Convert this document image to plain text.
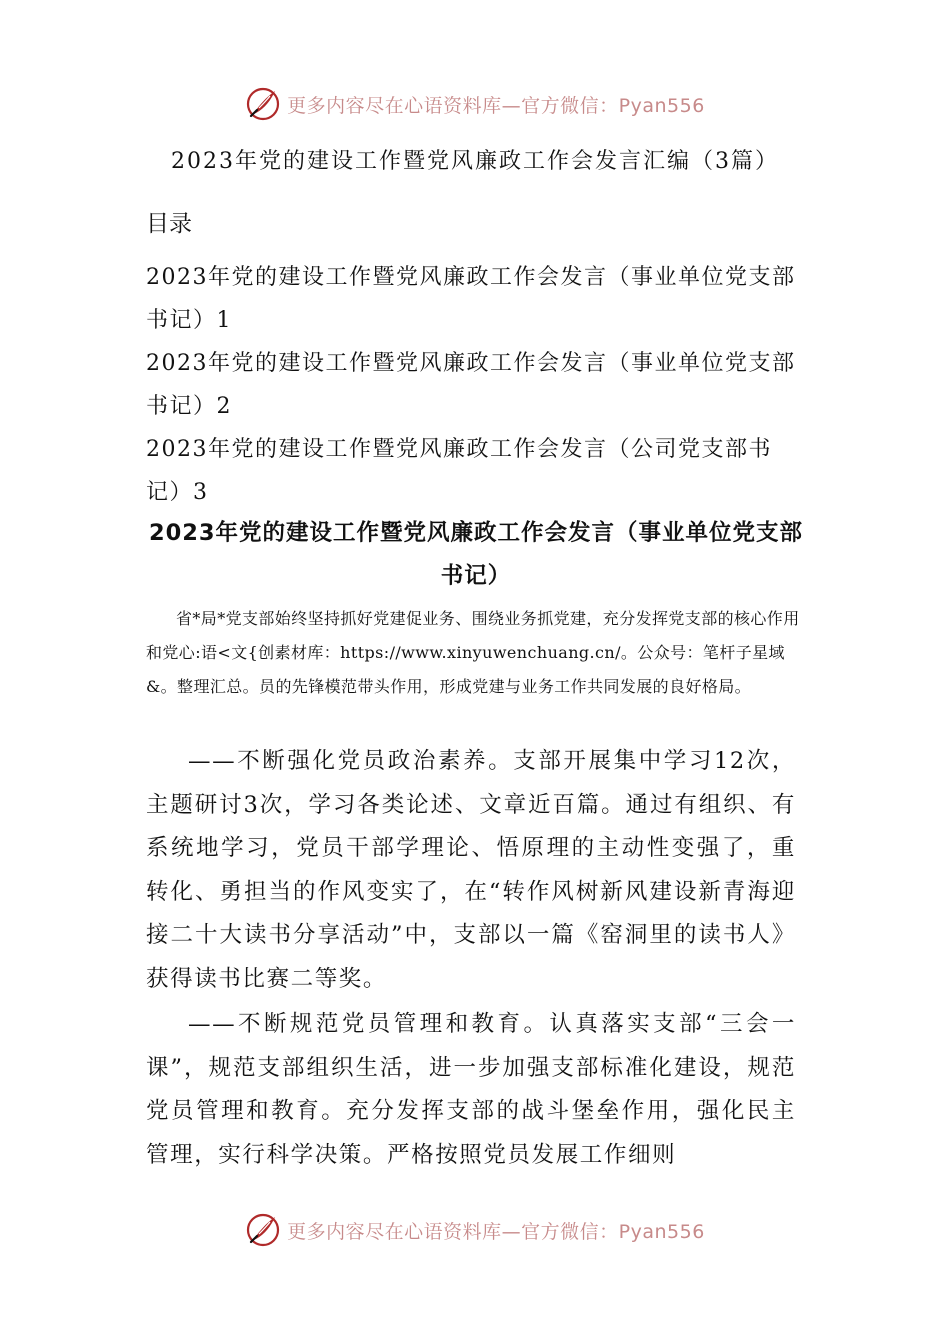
更多内容尽在心语资料库—官方微信：Pyan556
2023年党的建设工作暨党风廉政工作会发言汇编（3篇）
目录
2023年党的建设工作暨党风廉政工作会发言（事业单位党支部书记）1
2023年党的建设工作暨党风廉政工作会发言（事业单位党支部书记）2
2023年党的建设工作暨党风廉政工作会发言（公司党支部书记）3
2023年党的建设工作暨党风廉政工作会发言（事业单位党支部书记）
省*局*党支部始终坚持抓好党建促业务、围绕业务抓党建，充分发挥党支部的核心作用和党心:语<文{创素材库：https://www.xinyuwenchuang.cn/。公众号：笔杆子星域&。整理汇总。员的先锋模范带头作用，形成党建与业务工作共同发展的良好格局。
——不断强化党员政治素养。支部开展集中学习12次，主题研讨3次，学习各类论述、文章近百篇。通过有组织、有系统地学习，党员干部学理论、悟原理的主动性变强了，重转化、勇担当的作风变实了，在“转作风树新风建设新青海迎接二十大读书分享活动”中，支部以一篇《窑洞里的读书人》获得读书比赛二等奖。
——不断规范党员管理和教育。认真落实支部“三会一课”，规范支部组织生活，进一步加强支部标准化建设，规范党员管理和教育。充分发挥支部的战斗堡垒作用，强化民主管理，实行科学决策。严格按照党员发展工作细则
更多内容尽在心语资料库—官方微信：Pyan556
